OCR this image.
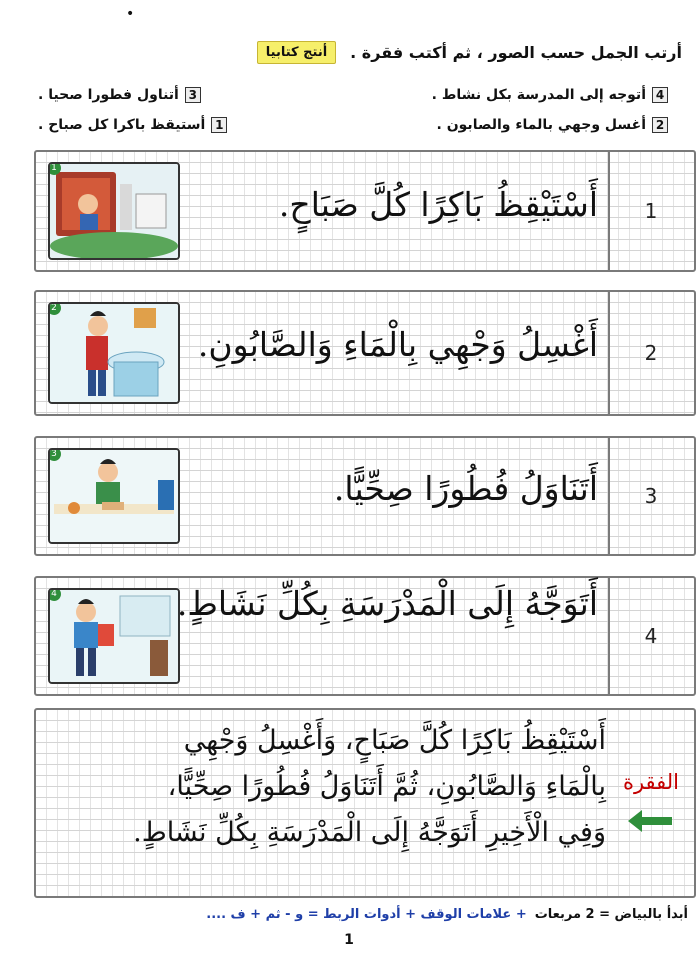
•
أنتج كتابيا	أرتب الجمل حسب الصور ، ثم أكتب فقرة .
4
أتوجه إلى المدرسة بكل نشاط .
3
أتناول فطورا صحيا .
2
أغسل وجهي بالماء والصابون .
1
أستيقظ باكرا كل صباح .
1
أَسْتَيْقِظُ بَاكِرًا كُلَّ صَبَاحٍ.	1
2
أَغْسِلُ وَجْهِي بِالْمَاءِ وَالصَّابُونِ.	2
3
أَتَنَاوَلُ فُطُورًا صِحِّيًّا.	3
4	أَتَوَجَّهُ إِلَى الْمَدْرَسَةِ بِكُلِّ نَشَاطٍ.
4
أَسْتَيْقِظُ بَاكِرًا كُلَّ صَبَاحٍ، وَأَغْسِلُ وَجْهِي
بِالْمَاءِ وَالصَّابُونِ، ثُمَّ أَتَنَاوَلُ فُطُورًا صِحِّيًّا،
وَفِي الْأَخِيرِ أَتَوَجَّهُ إِلَى الْمَدْرَسَةِ بِكُلِّ نَشَاطٍ.
الفقرة
أبدأ بالبياض = 2 مربعات
+ علامات الوقف + أدوات الربط = و - ثم + ف ....
1
